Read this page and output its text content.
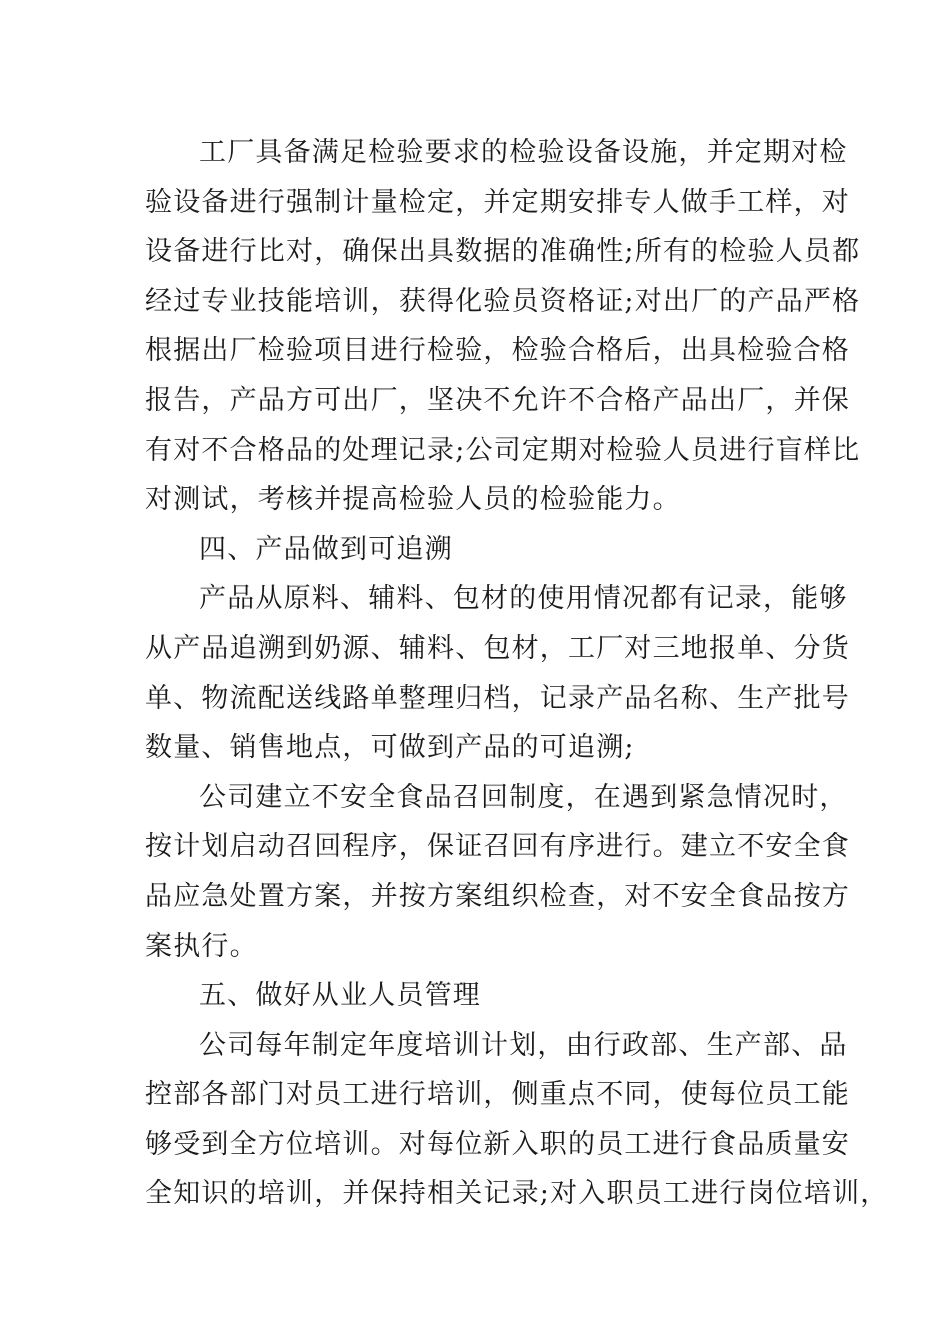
工厂具备满足检验要求的检验设备设施，并定期对检
验设备进行强制计量检定，并定期安排专人做手工样，对
设备进行比对，确保出具数据的准确性;所有的检验人员都
经过专业技能培训，获得化验员资格证;对出厂的产品严格
根据出厂检验项目进行检验，检验合格后，出具检验合格
报告，产品方可出厂，坚决不允许不合格产品出厂，并保
有对不合格品的处理记录;公司定期对检验人员进行盲样比
对测试，考核并提高检验人员的检验能力。
四、产品做到可追溯
产品从原料、辅料、包材的使用情况都有记录，能够
从产品追溯到奶源、辅料、包材，工厂对三地报单、分货
单、物流配送线路单整理归档，记录产品名称、生产批号
数量、销售地点，可做到产品的可追溯;
公司建立不安全食品召回制度，在遇到紧急情况时，
按计划启动召回程序，保证召回有序进行。建立不安全食
品应急处置方案，并按方案组织检查，对不安全食品按方
案执行。
五、做好从业人员管理
公司每年制定年度培训计划，由行政部、生产部、品
控部各部门对员工进行培训，侧重点不同，使每位员工能
够受到全方位培训。对每位新入职的员工进行食品质量安
全知识的培训，并保持相关记录;对入职员工进行岗位培训，
